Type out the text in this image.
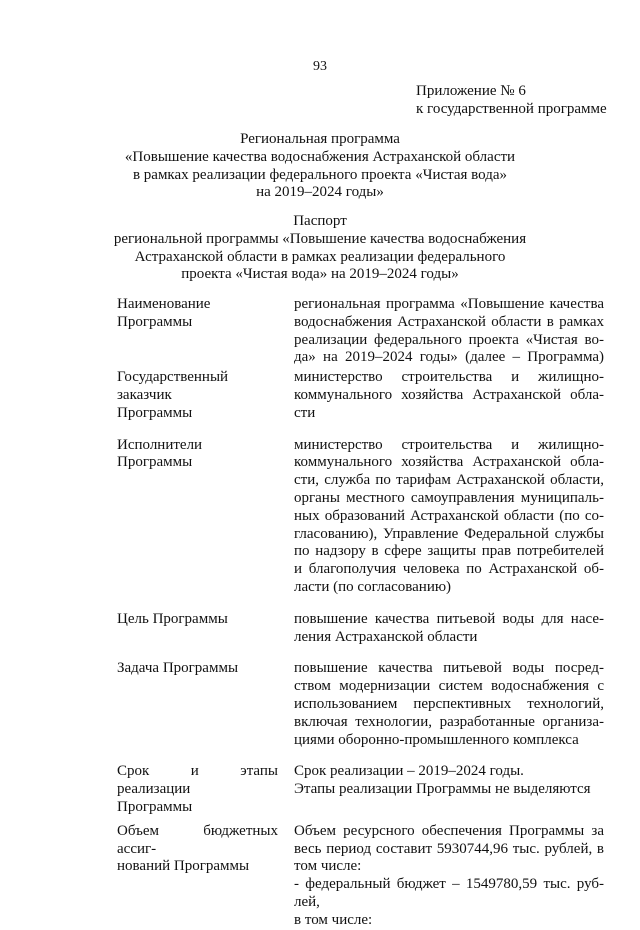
93
Приложение № 6
к государственной программе
Региональная программа
«Повышение качества водоснабжения Астраханской области
в рамках реализации федерального проекта «Чистая вода»
на 2019–2024 годы»
Паспорт
региональной программы «Повышение качества водоснабжения
Астраханской области в рамках реализации федерального
проекта «Чистая вода» на 2019–2024 годы»
Наименование Программы
региональная программа «Повышение качества
водоснабжения Астраханской области в рамках
реализации федерального проекта «Чистая во-
да» на 2019–2024 годы» (далее – Программа)
Государственный заказчик
Программы
министерство строительства и жилищно-
коммунального хозяйства Астраханской обла-
сти
Исполнители
Программы
министерство строительства и жилищно-
коммунального хозяйства Астраханской обла-
сти, служба по тарифам Астраханской области,
органы местного самоуправления муниципаль-
ных образований Астраханской области (по со-
гласованию), Управление Федеральной службы
по надзору в сфере защиты прав потребителей
и благополучия человека по Астраханской об-
ласти (по согласованию)
Цель Программы	повышение качества питьевой воды для насе-
ления Астраханской области
Задача Программы	повышение качества питьевой воды посред-
ством модернизации систем водоснабжения с
использованием перспективных технологий,
включая технологии, разработанные организа-
циями оборонно-промышленного комплекса
Срок и этапы реализации
Программы
Срок реализации – 2019–2024 годы.
Этапы реализации Программы не выделяются
Объем бюджетных ассиг-
нований Программы
Объем ресурсного обеспечения Программы за
весь период составит 5930744,96 тыс. рублей, в
том числе:
- федеральный бюджет – 1549780,59 тыс. руб-
лей,
в том числе:
